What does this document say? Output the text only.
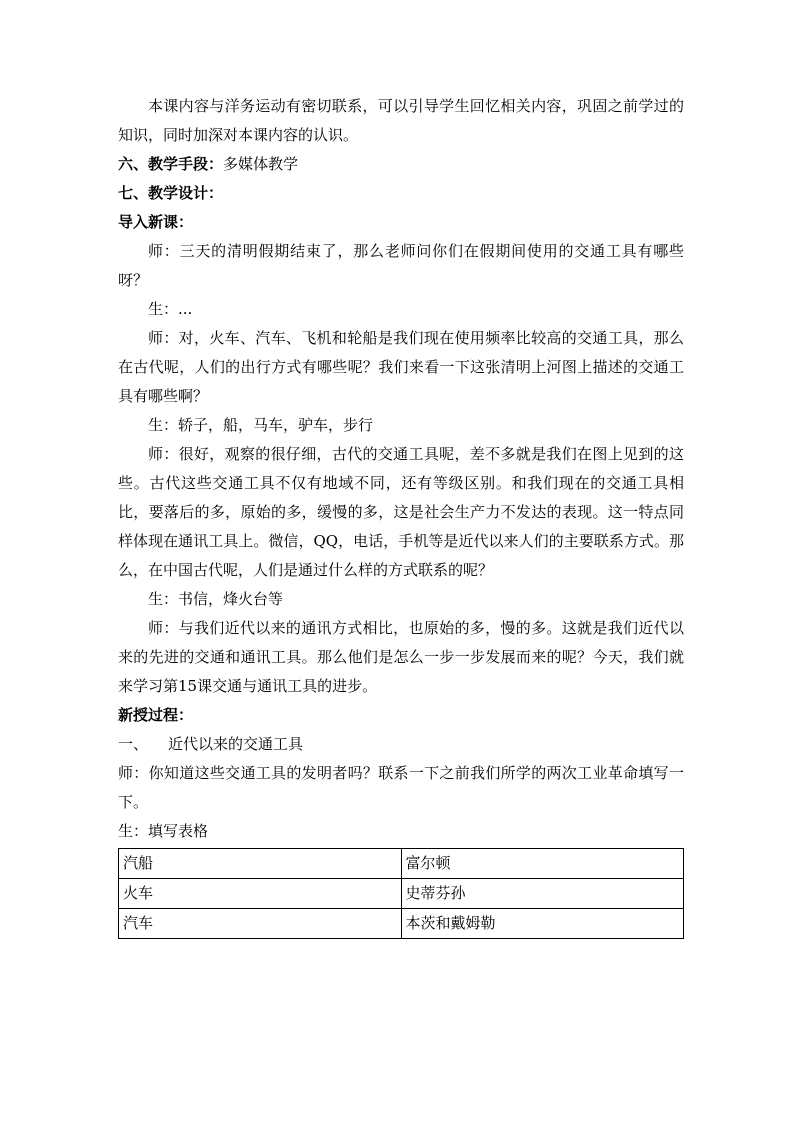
本课内容与洋务运动有密切联系，可以引导学生回忆相关内容，巩固之前学过的知识，同时加深对本课内容的认识。

六、教学手段：多媒体教学

七、教学设计：

导入新课：

师：三天的清明假期结束了，那么老师问你们在假期间使用的交通工具有哪些呀？

生：...

师：对，火车、汽车、飞机和轮船是我们现在使用频率比较高的交通工具，那么在古代呢，人们的出行方式有哪些呢？我们来看一下这张清明上河图上描述的交通工具有哪些啊？

生：轿子，船，马车，驴车，步行

师：很好，观察的很仔细，古代的交通工具呢，差不多就是我们在图上见到的这些。古代这些交通工具不仅有地域不同，还有等级区别。和我们现在的交通工具相比，要落后的多，原始的多，缓慢的多，这是社会生产力不发达的表现。这一特点同样体现在通讯工具上。微信，QQ，电话，手机等是近代以来人们的主要联系方式。那么，在中国古代呢，人们是通过什么样的方式联系的呢？

生：书信，烽火台等

师：与我们近代以来的通讯方式相比，也原始的多，慢的多。这就是我们近代以来的先进的交通和通讯工具。那么他们是怎么一步一步发展而来的呢？今天，我们就来学习第15课交通与通讯工具的进步。

新授过程：

一、 近代以来的交通工具

师：你知道这些交通工具的发明者吗？联系一下之前我们所学的两次工业革命填写一下。

生：填写表格

汽船	富尔顿
火车	史蒂芬孙
汽车	本茨和戴姆勒
